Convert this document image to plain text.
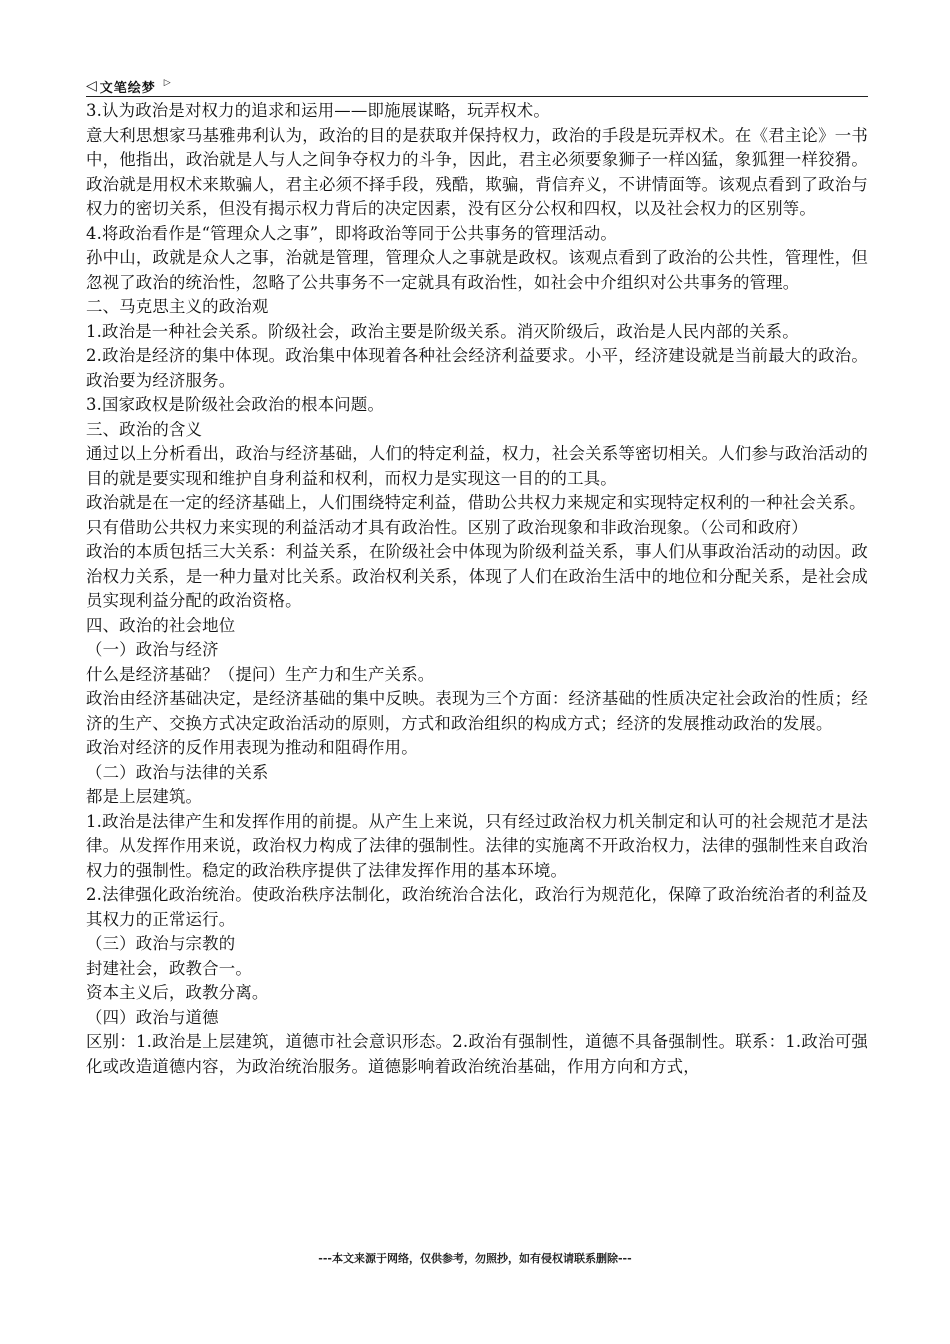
◁ 文笔绘梦 ▷

3.认为政治是对权力的追求和运用——即施展谋略，玩弄权术。

意大利思想家马基雅弗利认为，政治的目的是获取并保持权力，政治的手段是玩弄权术。在《君主论》一书中，他指出，政治就是人与人之间争夺权力的斗争，因此，君主必须要象狮子一样凶猛，象狐狸一样狡猾。政治就是用权术来欺骗人，君主必须不择手段，残酷，欺骗，背信弃义，不讲情面等。该观点看到了政治与权力的密切关系，但没有揭示权力背后的决定因素，没有区分公权和四权，以及社会权力的区别等。

4.将政治看作是“管理众人之事”，即将政治等同于公共事务的管理活动。

孙中山，政就是众人之事，治就是管理，管理众人之事就是政权。该观点看到了政治的公共性，管理性，但忽视了政治的统治性，忽略了公共事务不一定就具有政治性，如社会中介组织对公共事务的管理。

二、马克思主义的政治观

1.政治是一种社会关系。阶级社会，政治主要是阶级关系。消灭阶级后，政治是人民内部的关系。

2.政治是经济的集中体现。政治集中体现着各种社会经济利益要求。小平，经济建设就是当前最大的政治。政治要为经济服务。

3.国家政权是阶级社会政治的根本问题。

三、政治的含义

通过以上分析看出，政治与经济基础，人们的特定利益，权力，社会关系等密切相关。人们参与政治活动的目的就是要实现和维护自身利益和权利，而权力是实现这一目的的工具。

政治就是在一定的经济基础上，人们围绕特定利益，借助公共权力来规定和实现特定权利的一种社会关系。

只有借助公共权力来实现的利益活动才具有政治性。区别了政治现象和非政治现象。（公司和政府）

政治的本质包括三大关系：利益关系，在阶级社会中体现为阶级利益关系，事人们从事政治活动的动因。政治权力关系，是一种力量对比关系。政治权利关系，体现了人们在政治生活中的地位和分配关系，是社会成员实现利益分配的政治资格。

四、政治的社会地位

（一）政治与经济

什么是经济基础？（提问）生产力和生产关系。

政治由经济基础决定，是经济基础的集中反映。表现为三个方面：经济基础的性质决定社会政治的性质；经济的生产、交换方式决定政治活动的原则，方式和政治组织的构成方式；经济的发展推动政治的发展。

政治对经济的反作用表现为推动和阻碍作用。

（二）政治与法律的关系

都是上层建筑。

1.政治是法律产生和发挥作用的前提。从产生上来说，只有经过政治权力机关制定和认可的社会规范才是法律。从发挥作用来说，政治权力构成了法律的强制性。法律的实施离不开政治权力，法律的强制性来自政治权力的强制性。稳定的政治秩序提供了法律发挥作用的基本环境。

2.法律强化政治统治。使政治秩序法制化，政治统治合法化，政治行为规范化，保障了政治统治者的利益及其权力的正常运行。

（三）政治与宗教的

封建社会，政教合一。

资本主义后，政教分离。

（四）政治与道德

区别：1.政治是上层建筑，道德市社会意识形态。2.政治有强制性，道德不具备强制性。联系：1.政治可强化或改造道德内容，为政治统治服务。道德影响着政治统治基础，作用方向和方式，

---本文来源于网络，仅供参考，勿照抄，如有侵权请联系删除---
